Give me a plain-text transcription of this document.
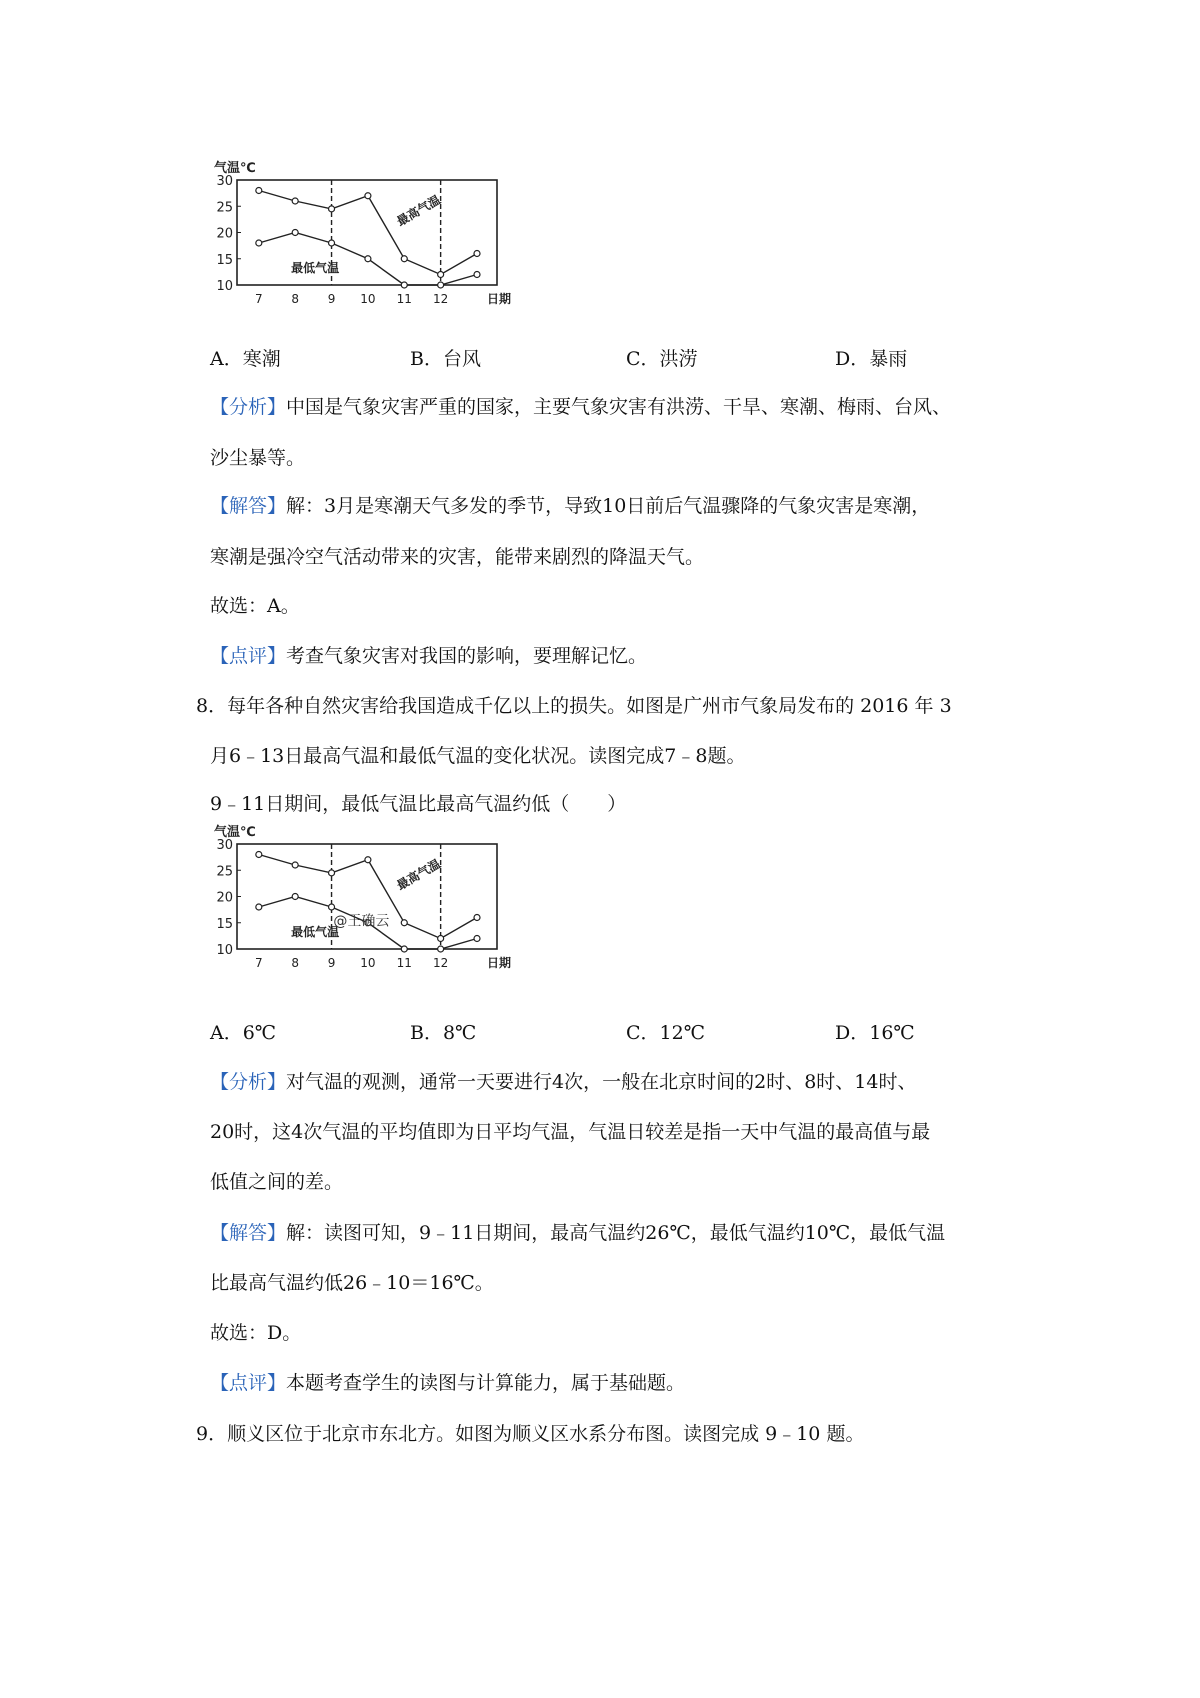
10
15
20
25
30
气温℃
7 8 9 10 11 12	日期
最高气温
最低气温
A．寒潮	B．台风	C．洪涝	D．暴雨
【分析】中国是气象灾害严重的国家，主要气象灾害有洪涝、干旱、寒潮、梅雨、台风、
沙尘暴等。
【解答】解：3月是寒潮天气多发的季节，导致10日前后气温骤降的气象灾害是寒潮，
寒潮是强冷空气活动带来的灾害，能带来剧烈的降温天气。
故选：A。
【点评】考查气象灾害对我国的影响，要理解记忆。
8．每年各种自然灾害给我国造成千亿以上的损失。如图是广州市气象局发布的 2016 年 3
月6﹣13日最高气温和最低气温的变化状况。读图完成7﹣8题。
9﹣11日期间，最低气温比最高气温约低（　　）
10
15
20
25
30
气温℃
7 8 9 10 11 12	日期
最高气温
最低气温
@王确云
A．6℃	B．8℃	C．12℃	D．16℃
【分析】对气温的观测，通常一天要进行4次，一般在北京时间的2时、8时、14时、
20时，这4次气温的平均值即为日平均气温，气温日较差是指一天中气温的最高值与最
低值之间的差。
【解答】解：读图可知，9﹣11日期间，最高气温约26℃，最低气温约10℃，最低气温
比最高气温约低26﹣10＝16℃。
故选：D。
【点评】本题考查学生的读图与计算能力，属于基础题。
9．顺义区位于北京市东北方。如图为顺义区水系分布图。读图完成 9﹣10 题。
